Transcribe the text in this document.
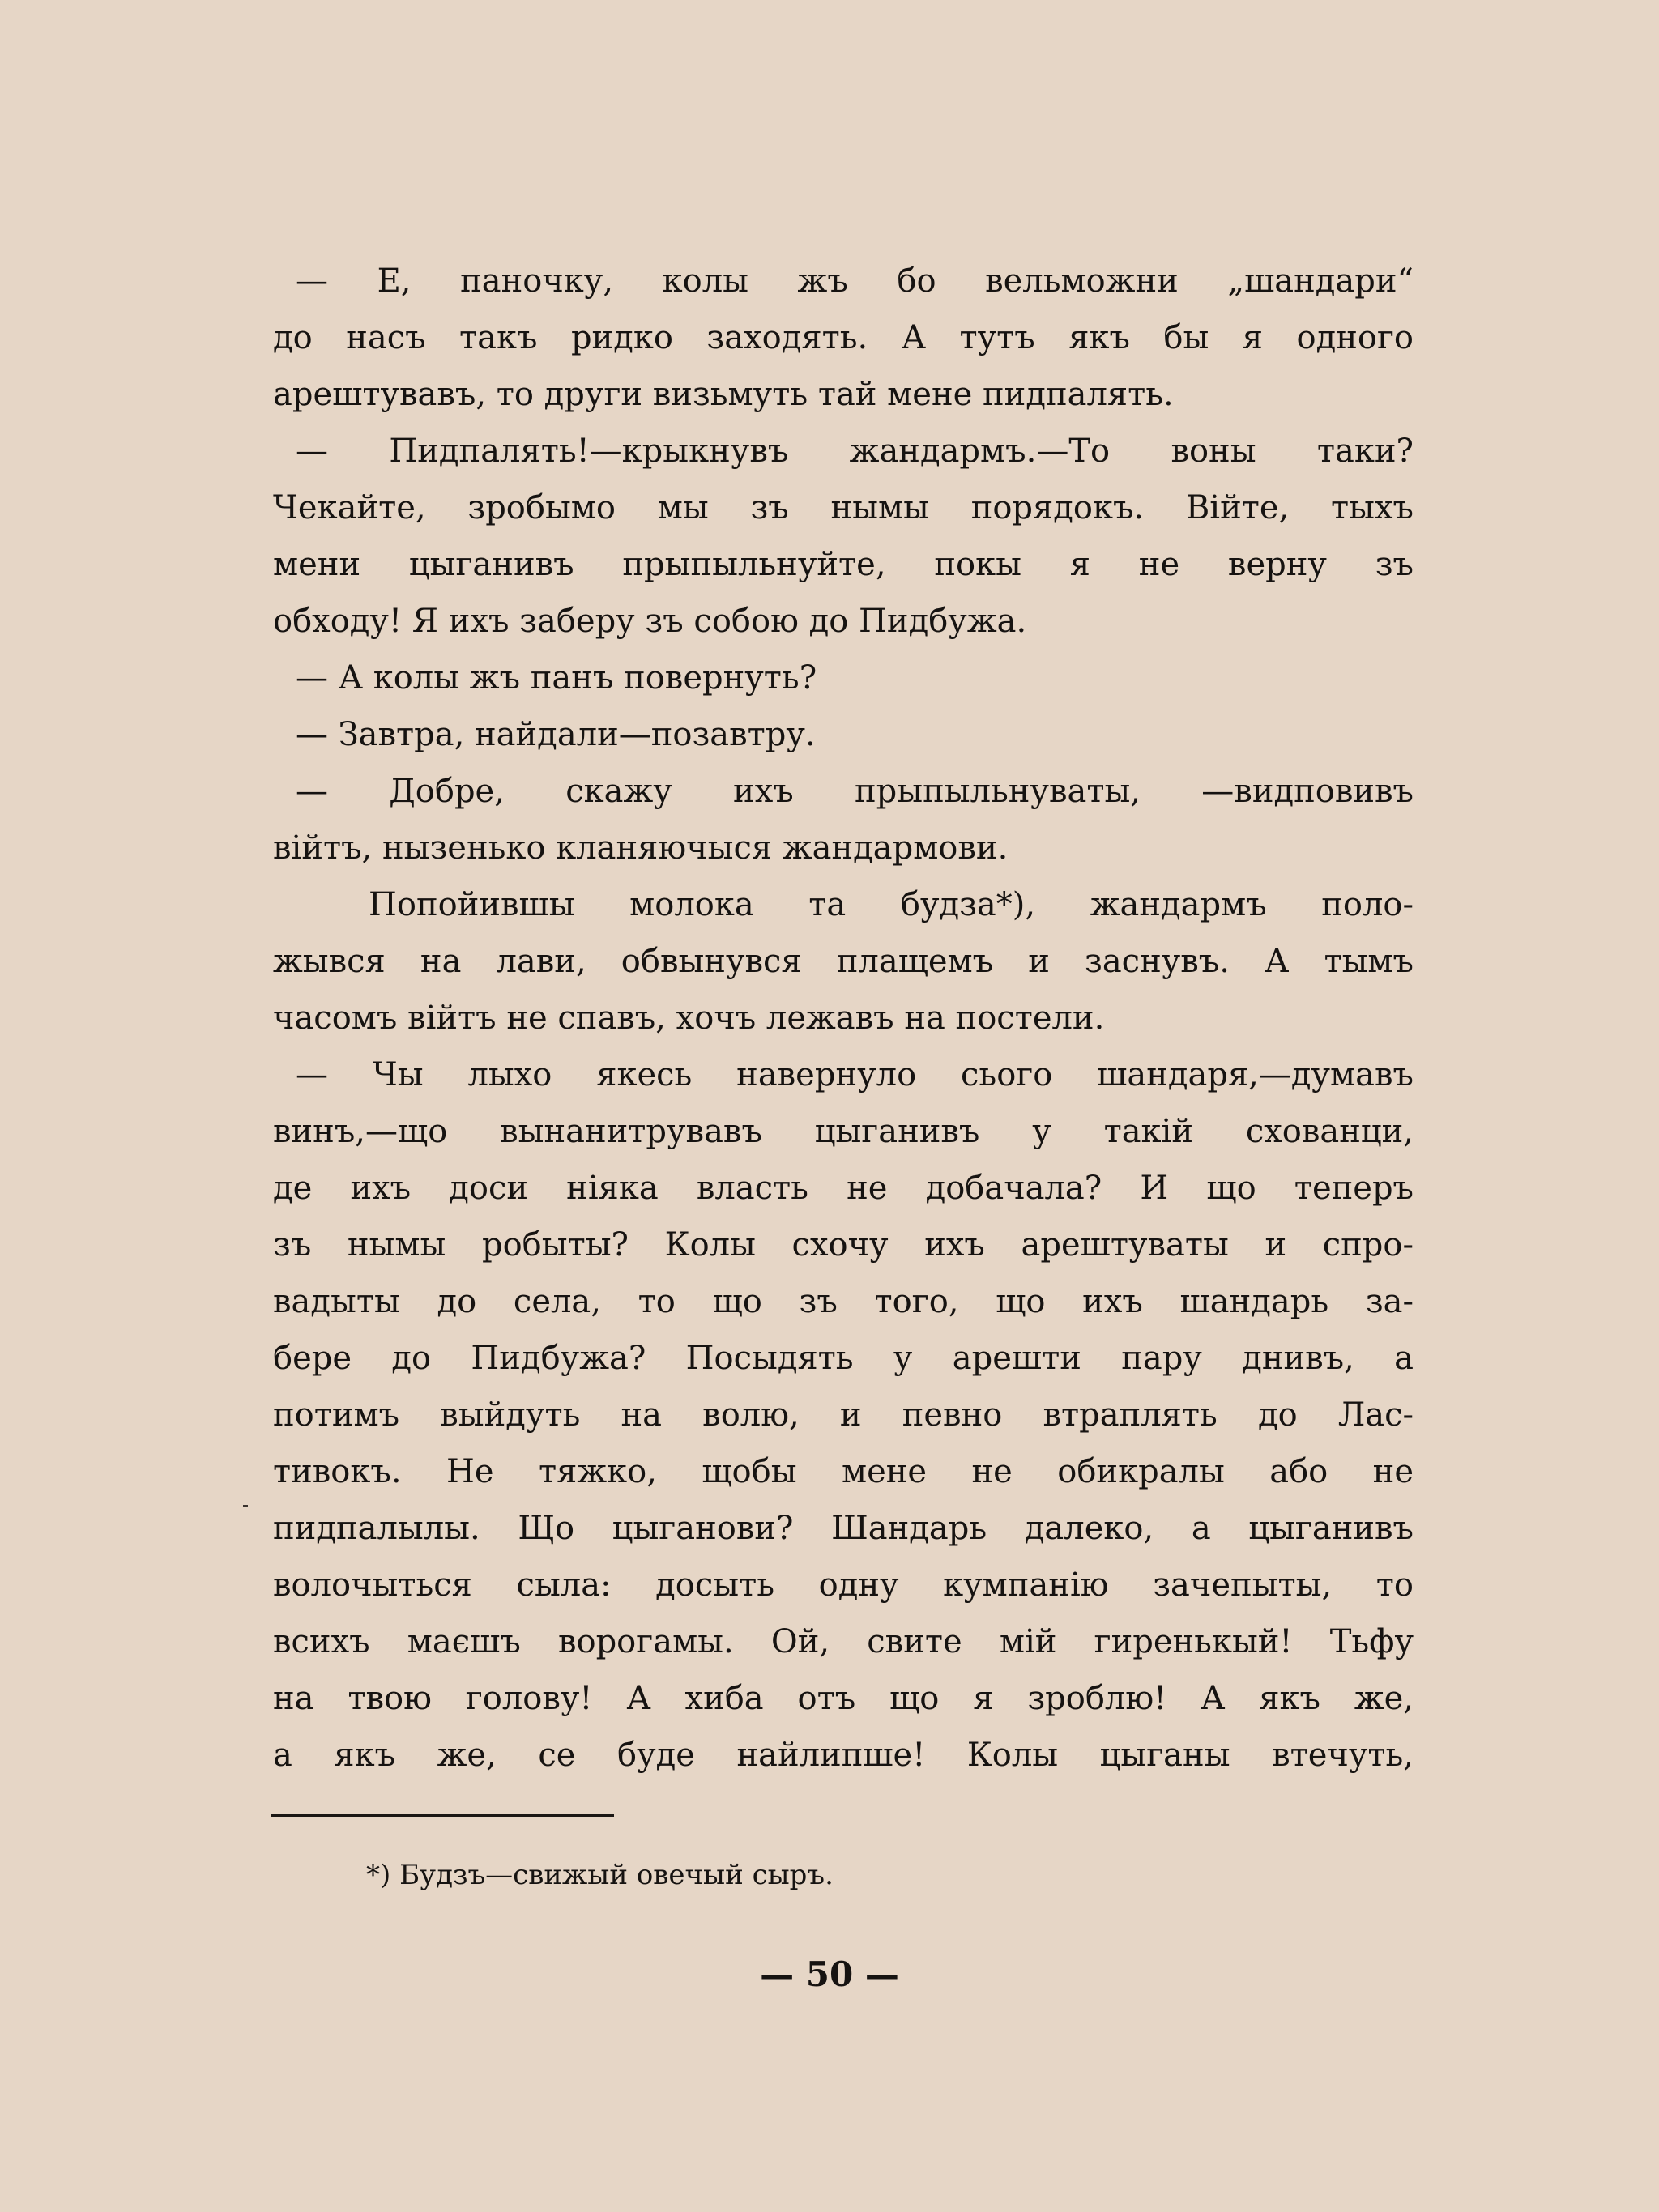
— Е, паночку, колы жъ бо вельможни „шандари“
до насъ такъ ридко заходять. А тутъ якъ бы я одного
арештувавъ, то други визьмуть тай мене пидпалять.
— Пидпалять!—крыкнувъ жандармъ.—То воны таки?
Чекайте, зробымо мы зъ нымы порядокъ. Війте, тыхъ
мени цыганивъ прыпыльнуйте, покы я не верну зъ
обходу! Я ихъ заберу зъ собою до Пидбужа.
— А колы жъ панъ повернуть?
— Завтра, найдали—позавтру.
— Добре, скажу ихъ прыпыльнуваты, —видповивъ
війтъ, нызенько кланяючыся жандармови.
Попойившы молока та будза*), жандармъ поло-
жывся на лави, обвынувся плащемъ и заснувъ. А тымъ
часомъ війтъ не спавъ, хочъ лежавъ на постели.
— Чы лыхо якесь навернуло сього шандаря,—думавъ
винъ,—що вынанитрувавъ цыганивъ у такій схованци,
де ихъ доси ніяка власть не добачала? И що теперъ
зъ нымы робыты? Колы схочу ихъ арештуваты и спро-
вадыты до села, то що зъ того, що ихъ шандарь за-
бере до Пидбужа? Посыдять у арешти пару днивъ, а
потимъ выйдуть на волю, и певно втраплять до Лас-
тивокъ. Не тяжко, щобы мене не обикралы або не
пидпалылы. Що цыганови? Шандарь далеко, а цыганивъ
волочыться сыла: досыть одну кумпанію зачепыты, то
всихъ маєшъ ворогамы. Ой, свите мій гиренькый! Тьфу
на твою голову! А хиба отъ що я зроблю! А якъ же,
а якъ же, се буде найлипше! Колы цыганы втечуть,
*) Будзъ—свижый овечый сыръ.
— 50 —
